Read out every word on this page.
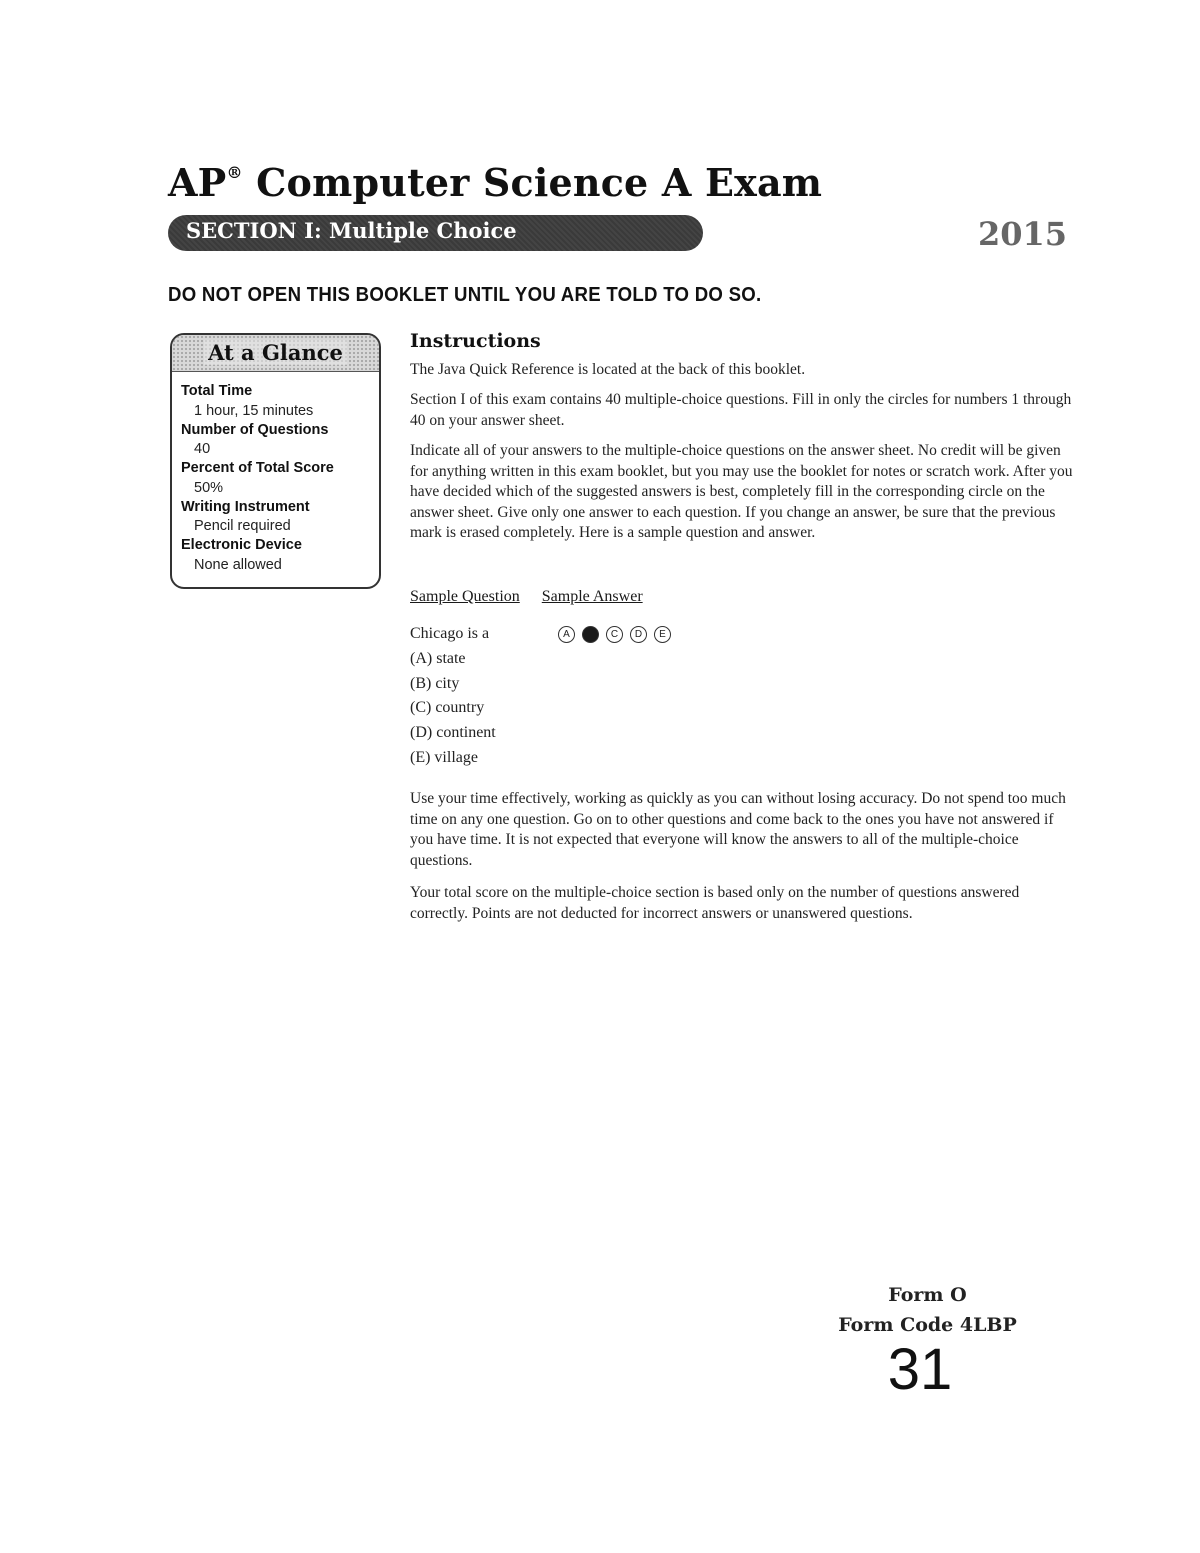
AP® Computer Science A Exam
SECTION I: Multiple Choice	2015

DO NOT OPEN THIS BOOKLET UNTIL YOU ARE TOLD TO DO SO.

At a Glance
Total Time
1 hour, 15 minutes
Number of Questions
40
Percent of Total Score
50%
Writing Instrument
Pencil required
Electronic Device
None allowed
Instructions

The Java Quick Reference is located at the back of this booklet.

Section I of this exam contains 40 multiple-choice questions. Fill in only the circles for numbers 1 through 40 on your answer sheet.

Indicate all of your answers to the multiple-choice questions on the answer sheet. No credit will be given for anything written in this exam booklet, but you may use the booklet for notes or scratch work. After you have decided which of the suggested answers is best, completely fill in the corresponding circle on the answer sheet. Give only one answer to each question. If you change an answer, be sure that the previous mark is erased completely. Here is a sample question and answer.

Sample Question Sample Answer
Chicago is a
(A) state
(B) city
(C) country
(D) continent
(E) village
A	C	D	E

Use your time effectively, working as quickly as you can without losing accuracy. Do not spend too much time on any one question. Go on to other questions and come back to the ones you have not answered if you have time. It is not expected that everyone will know the answers to all of the multiple-choice questions.

Your total score on the multiple-choice section is based only on the number of questions answered correctly. Points are not deducted for incorrect answers or unanswered questions.

Form O
Form Code 4LBP
31
